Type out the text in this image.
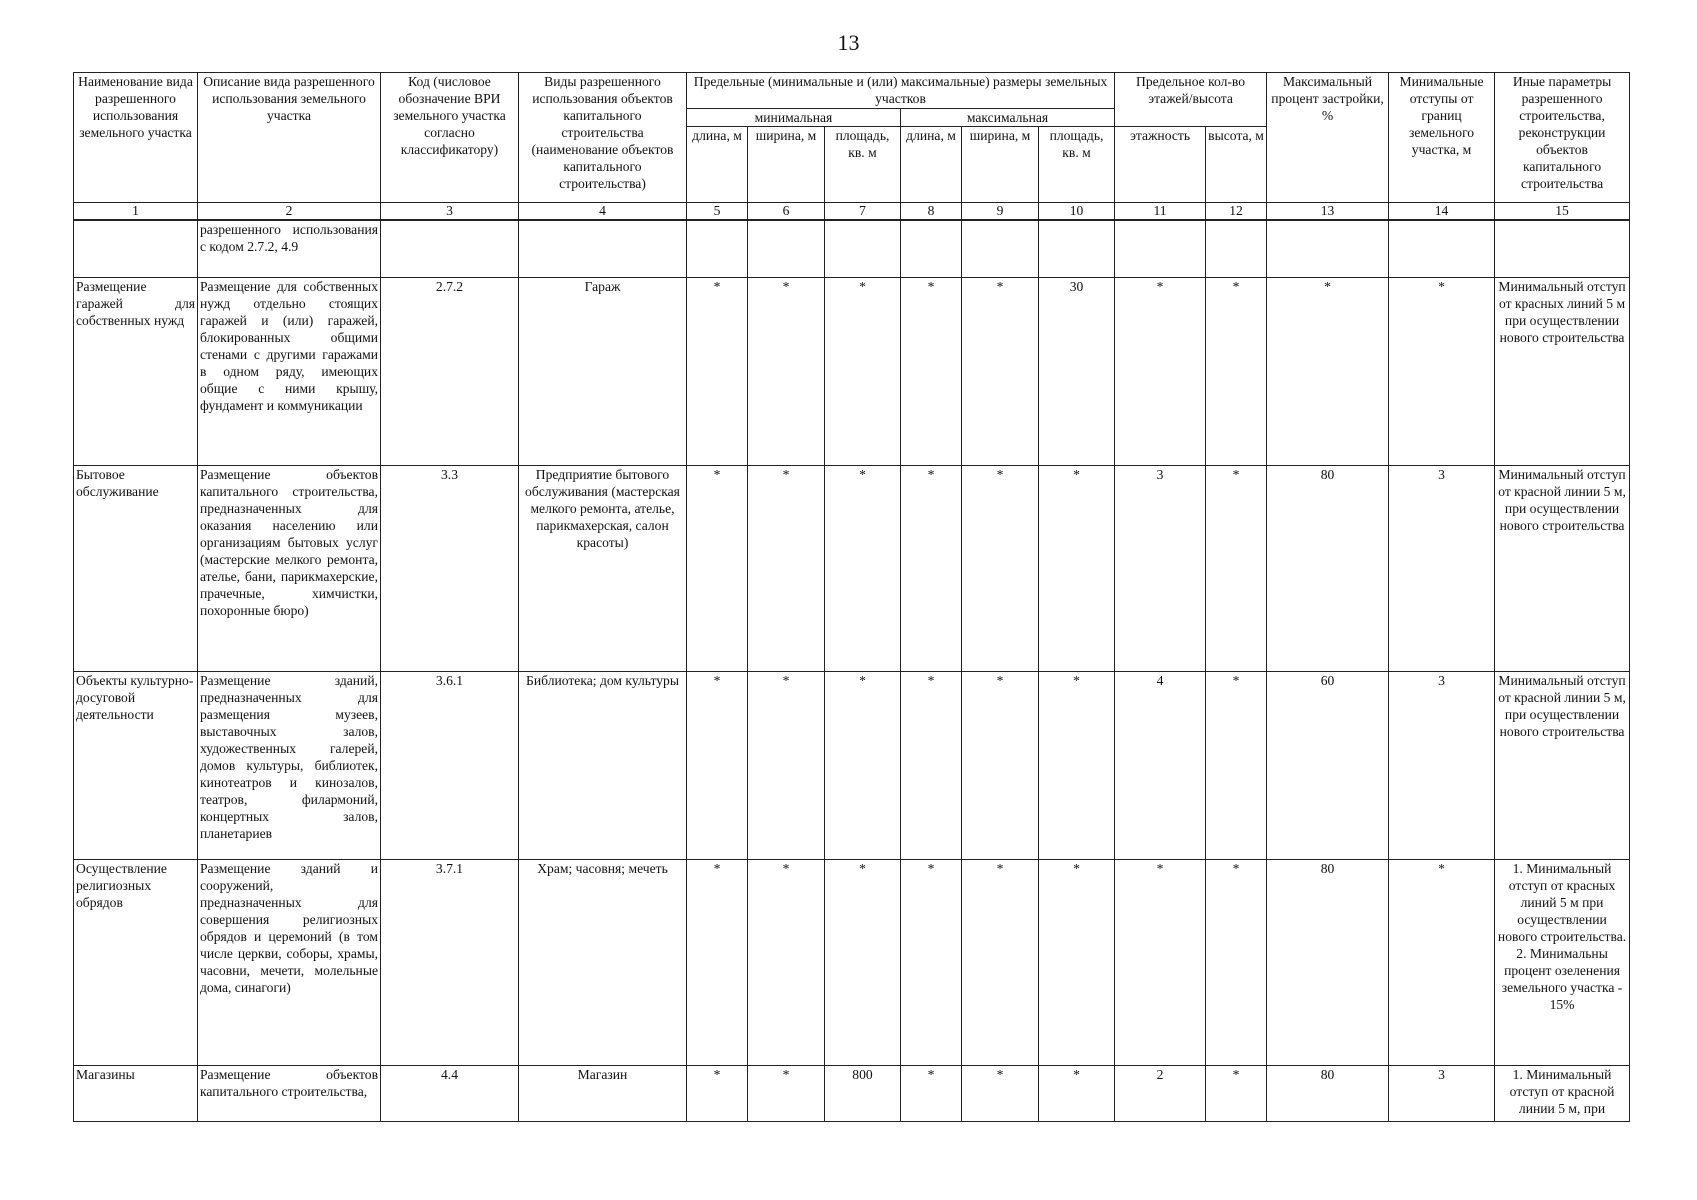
13
Наименование вида разрешенного использования земельного участка	Описание вида разрешенного использования земельного участка	Код (числовое обозначение ВРИ земельного участка согласно классификатору)	Виды разрешенного использования объектов капитального строительства (наименование объектов капитального строительства)	Предельные (минимальные и (или) максимальные) размеры земельных участков						Предельное кол-во этажей/высота		Максимальный процент застройки, %	Минимальные отступы от границ земельного участка, м	Иные параметры разрешенного строительства, реконструкции объектов капитального строительства
				минимальная			максимальная							
				длина, м	ширина, м	площадь, кв. м	длина, м	ширина, м	площадь, кв. м	этажность	высота, м			
1	2	3	4	5	6	7	8	9	10	11	12	13	14	15
	разрешенного использования с кодом 2.7.2, 4.9													
Размещение гаражей для собственных нужд	Размещение для собственных нужд отдельно стоящих гаражей и (или) гаражей, блокированных общими стенами с другими гаражами в одном ряду, имеющих общие с ними крышу, фундамент и коммуникации	2.7.2	Гараж	*	*	*	*	*	30	*	*	*	*	Минимальный отступ от красных линий 5 м при осуществлении нового строительства
Бытовое обслуживание	Размещение объектов капитального строительства, предназначенных для оказания населению или организациям бытовых услуг (мастерские мелкого ремонта, ателье, бани, парикмахерские, прачечные, химчистки, похоронные бюро)	3.3	Предприятие бытового обслуживания (мастерская мелкого ремонта, ателье, парикмахерская, салон красоты)	*	*	*	*	*	*	3	*	80	3	Минимальный отступ от красной линии 5 м, при осуществлении нового строительства
Объекты культурно-досуговой деятельности	Размещение зданий, предназначенных для размещения музеев, выставочных залов, художественных галерей, домов культуры, библиотек, кинотеатров и кинозалов, театров, филармоний, концертных залов, планетариев	3.6.1	Библиотека; дом культуры	*	*	*	*	*	*	4	*	60	3	Минимальный отступ от красной линии 5 м, при осуществлении нового строительства
Осуществление религиозных обрядов	Размещение зданий и сооружений, предназначенных для совершения религиозных обрядов и церемоний (в том числе церкви, соборы, храмы, часовни, мечети, молельные дома, синагоги)	3.7.1	Храм; часовня; мечеть	*	*	*	*	*	*	*	*	80	*	1. Минимальный отступ от красных линий 5 м при осуществлении нового строительства.
2. Минимальны процент озеленения земельного участка - 15%
Магазины	Размещение объектов капитального строительства,	4.4	Магазин	*	*	800	*	*	*	2	*	80	3	1. Минимальный отступ от красной линии 5 м, при
